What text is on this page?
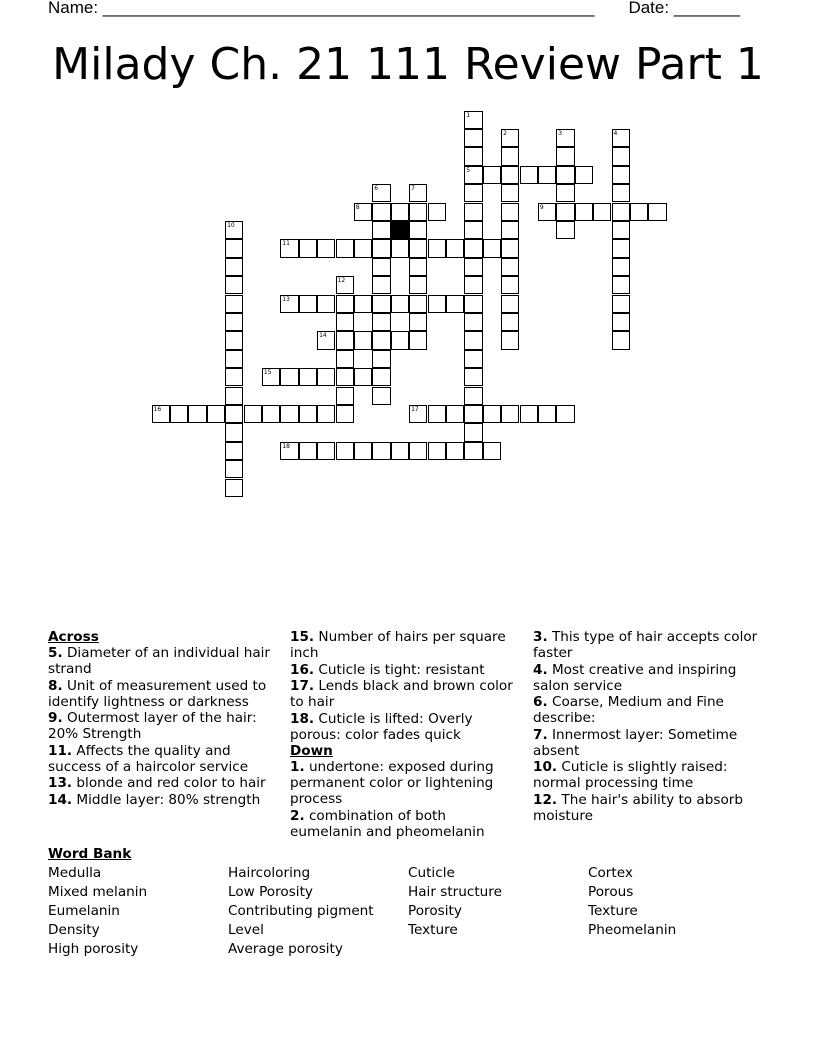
Name: ____________________________________________________ Date: _______
Milady Ch. 21 111 Review Part 1
1
5
2	3	4
6	7
8	9
10
11
12
13
14
15
16	17
18
Across
5. Diameter of an individual hair strand
8. Unit of measurement used to identify lightness or darkness
9. Outermost layer of the hair: 20% Strength
11. Affects the quality and success of a haircolor service
13. blonde and red color to hair
14. Middle layer: 80% strength
15. Number of hairs per square inch
16. Cuticle is tight: resistant
17. Lends black and brown color to hair
18. Cuticle is lifted: Overly porous: color fades quick
Down
1. undertone: exposed during permanent color or lightening process
2. combination of both eumelanin and pheomelanin
3. This type of hair accepts color faster
4. Most creative and inspiring salon service
6. Coarse, Medium and Fine describe:
7. Innermost layer: Sometime absent
10. Cuticle is slightly raised: normal processing time
12. The hair's ability to absorb moisture
Word Bank
Medulla
Mixed melanin
Eumelanin
Density
High porosity
Haircoloring
Low Porosity
Contributing pigment
Level
Average porosity
Cuticle
Hair structure
Porosity
Texture
Cortex
Porous
Texture
Pheomelanin
